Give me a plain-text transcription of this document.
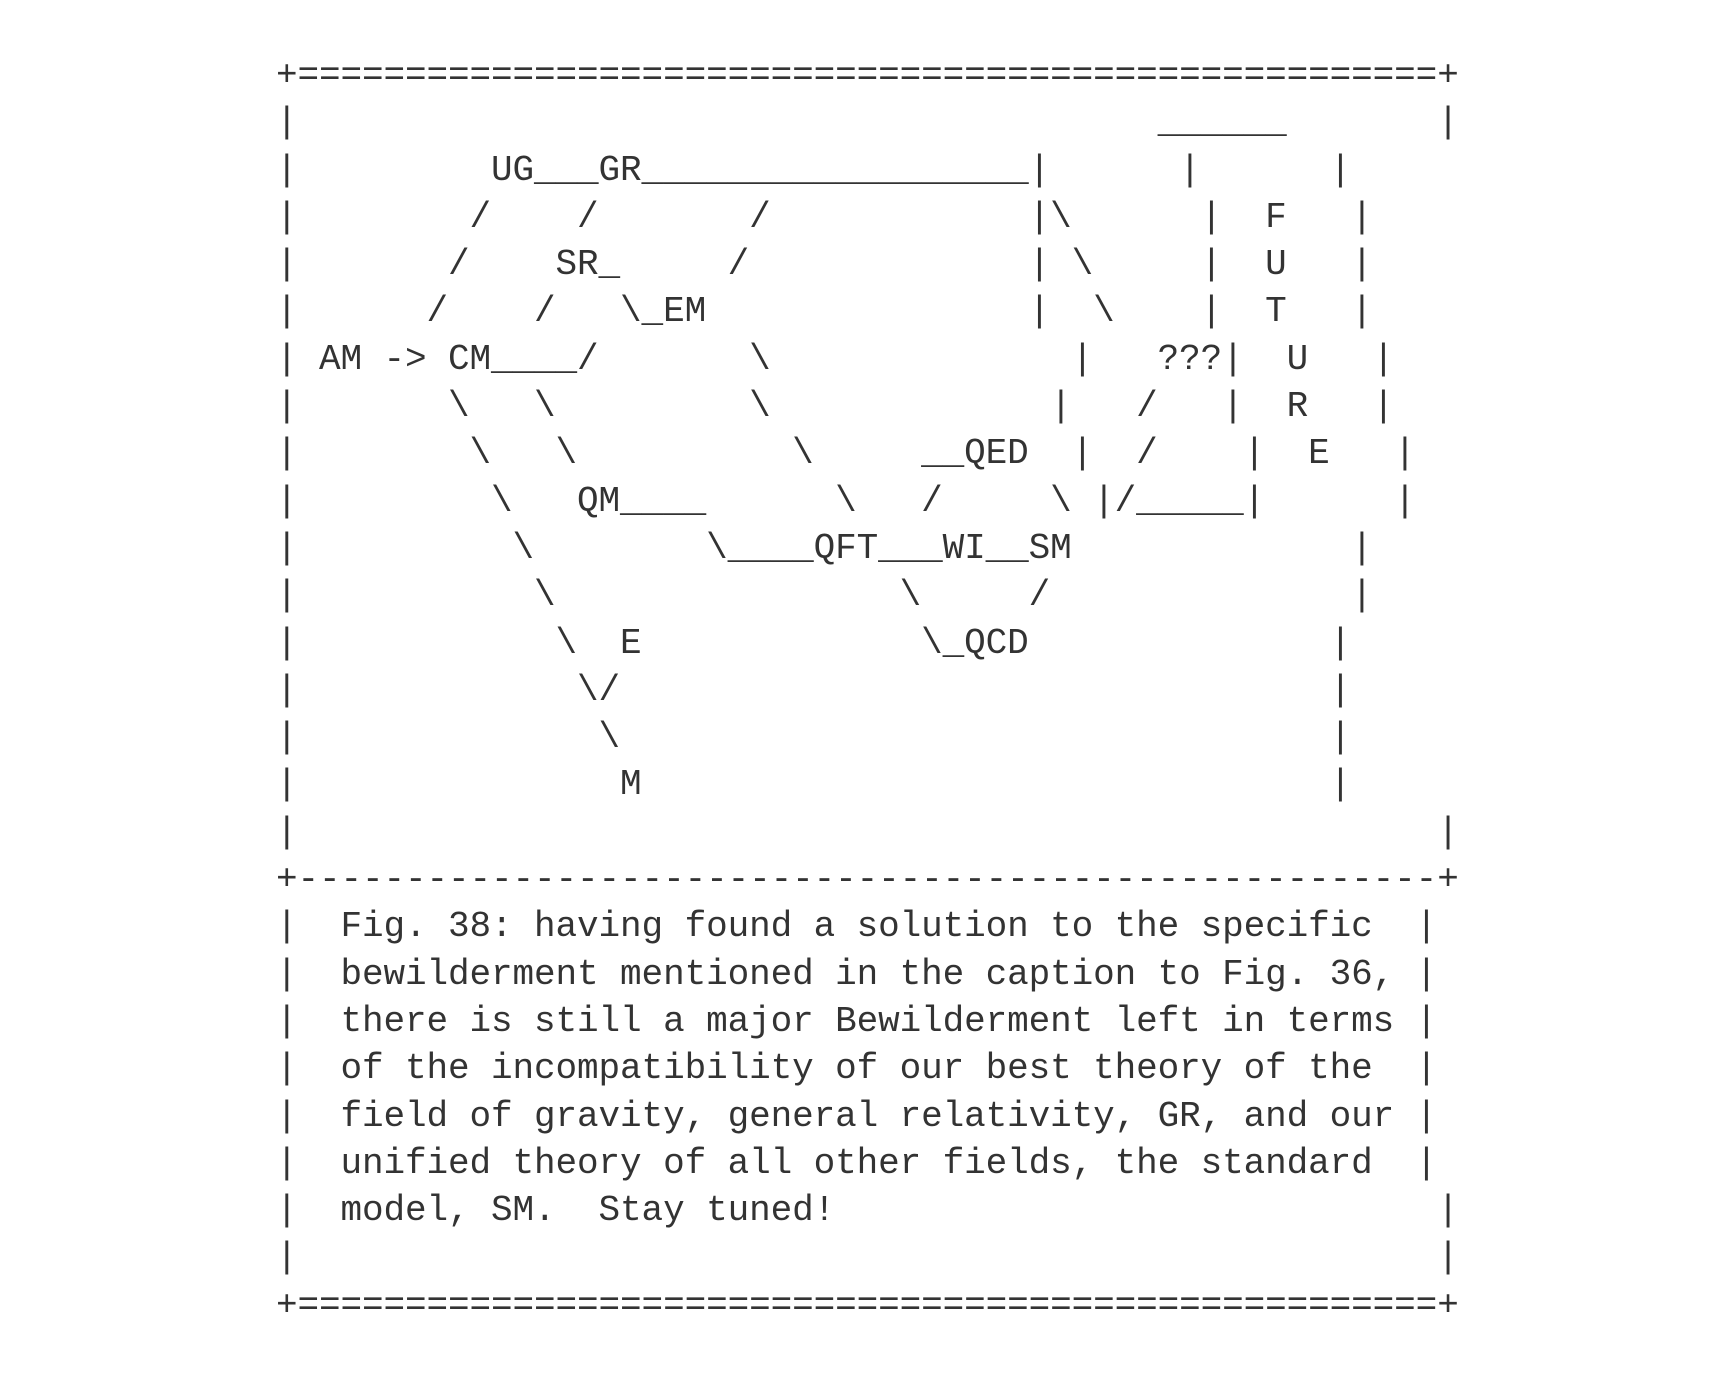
+=====================================================+
|                                        ______       |
|         UG___GR__________________|      |      |
|        /    /       /            |\      |  F   |
|       /    SR_     /             | \     |  U   |
|      /    /   \_EM               |  \    |  T   |
| AM -> CM____/       \              |   ???|  U   |
|       \   \         \             |   /   |  R   |
|        \   \          \     __QED  |  /    |  E   |
|         \   QM____      \   /     \ |/_____|      |
|          \        \____QFT___WI__SM             |
|           \                \     /              |
|            \  E             \_QCD              |
|             \/                                 |
|              \                                 |
|               M                                |
|                                                     |
+-----------------------------------------------------+
|  Fig. 38: having found a solution to the specific  |
|  bewilderment mentioned in the caption to Fig. 36, |
|  there is still a major Bewilderment left in terms |
|  of the incompatibility of our best theory of the  |
|  field of gravity, general relativity, GR, and our |
|  unified theory of all other fields, the standard  |
|  model, SM.  Stay tuned!                            |
|                                                     |
+=====================================================+
